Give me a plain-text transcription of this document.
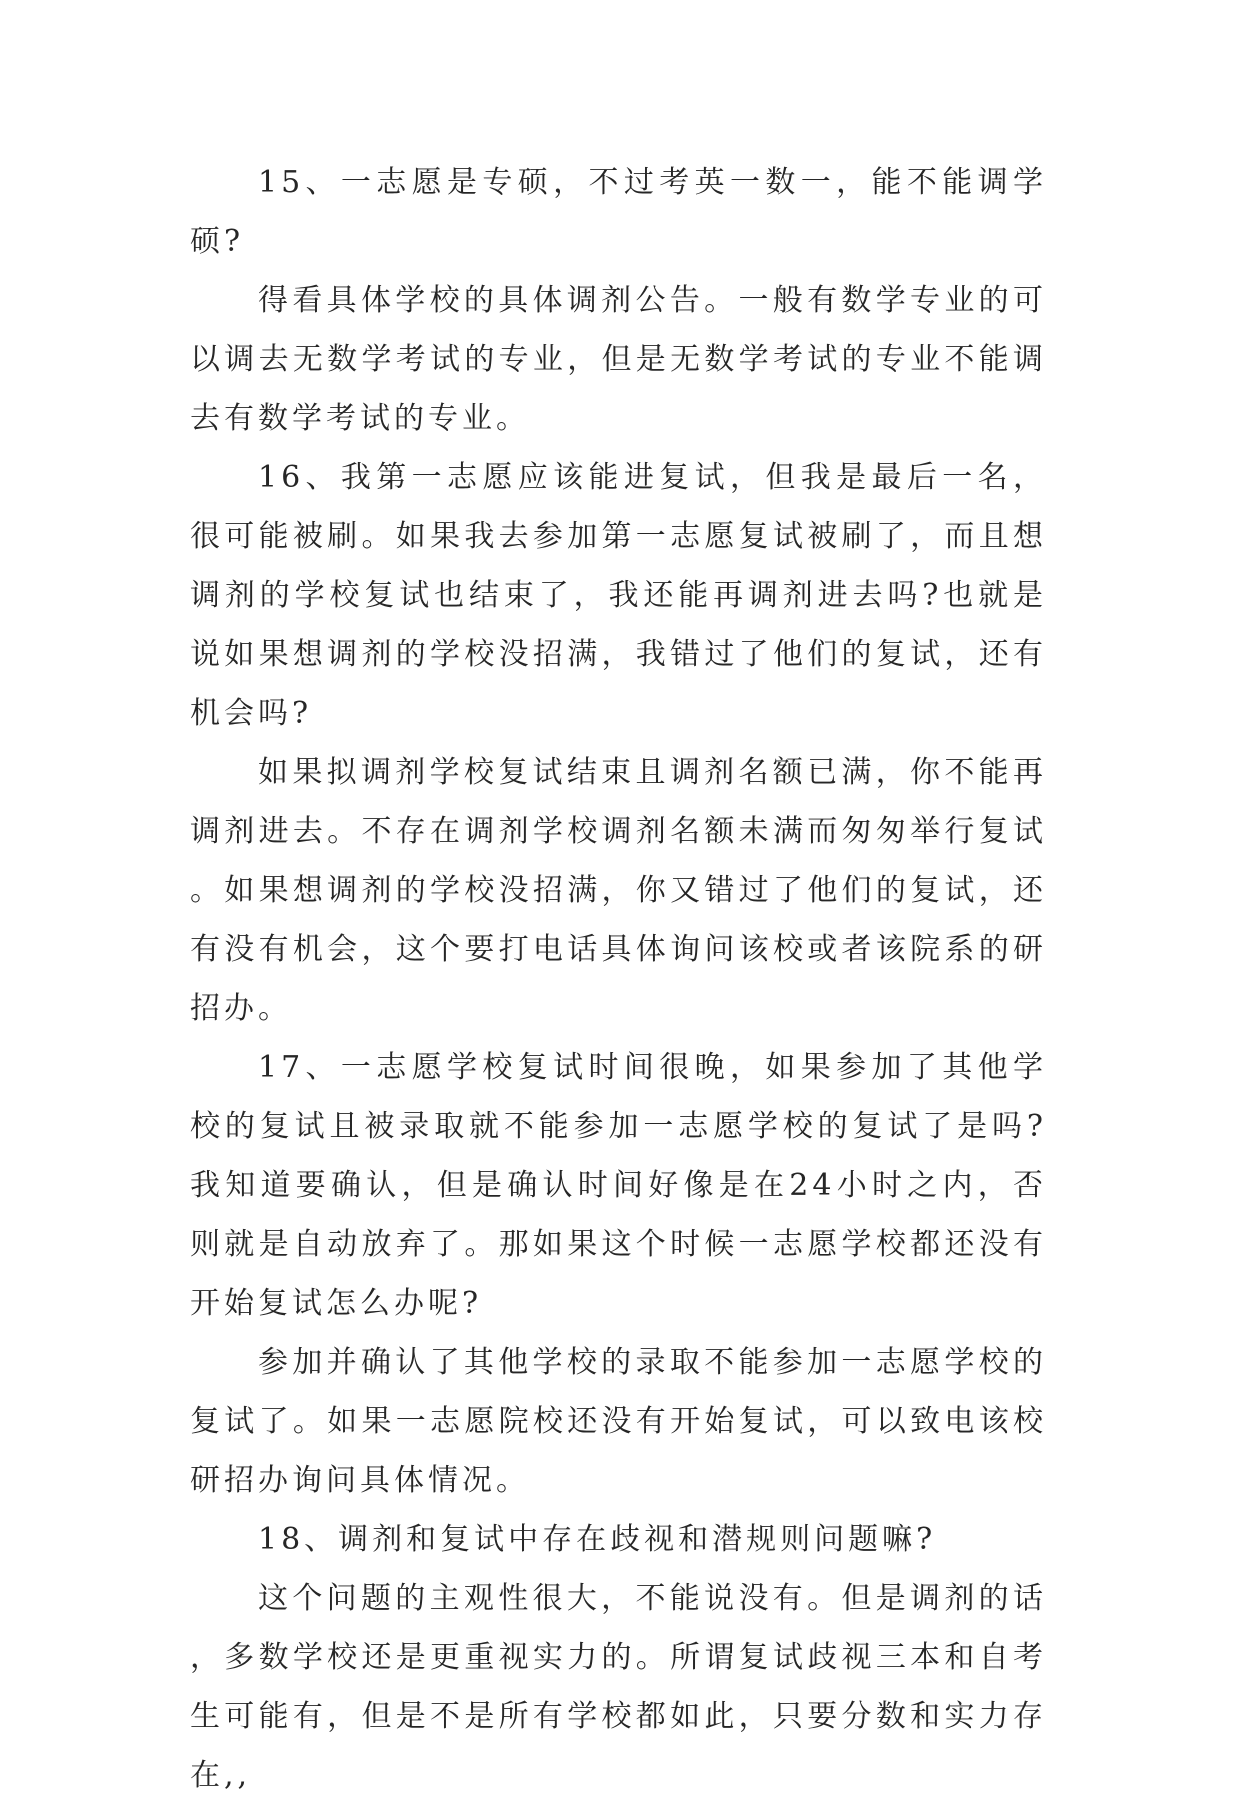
15、一志愿是专硕，不过考英一数一，能不能调学硕?

得看具体学校的具体调剂公告。一般有数学专业的可以调去无数学考试的专业，但是无数学考试的专业不能调去有数学考试的专业。

16、我第一志愿应该能进复试，但我是最后一名，很可能被刷。如果我去参加第一志愿复试被刷了，而且想调剂的学校复试也结束了，我还能再调剂进去吗?也就是说如果想调剂的学校没招满，我错过了他们的复试，还有机会吗?

如果拟调剂学校复试结束且调剂名额已满，你不能再调剂进去。不存在调剂学校调剂名额未满而匆匆举行复试。如果想调剂的学校没招满，你又错过了他们的复试，还有没有机会，这个要打电话具体询问该校或者该院系的研招办。

17、一志愿学校复试时间很晚，如果参加了其他学校的复试且被录取就不能参加一志愿学校的复试了是吗?我知道要确认，但是确认时间好像是在24小时之内，否则就是自动放弃了。那如果这个时候一志愿学校都还没有开始复试怎么办呢?

参加并确认了其他学校的录取不能参加一志愿学校的复试了。如果一志愿院校还没有开始复试，可以致电该校研招办询问具体情况。

18、调剂和复试中存在歧视和潜规则问题嘛?

这个问题的主观性很大，不能说没有。但是调剂的话，多数学校还是更重视实力的。所谓复试歧视三本和自考生可能有，但是不是所有学校都如此，只要分数和实力存在,,
